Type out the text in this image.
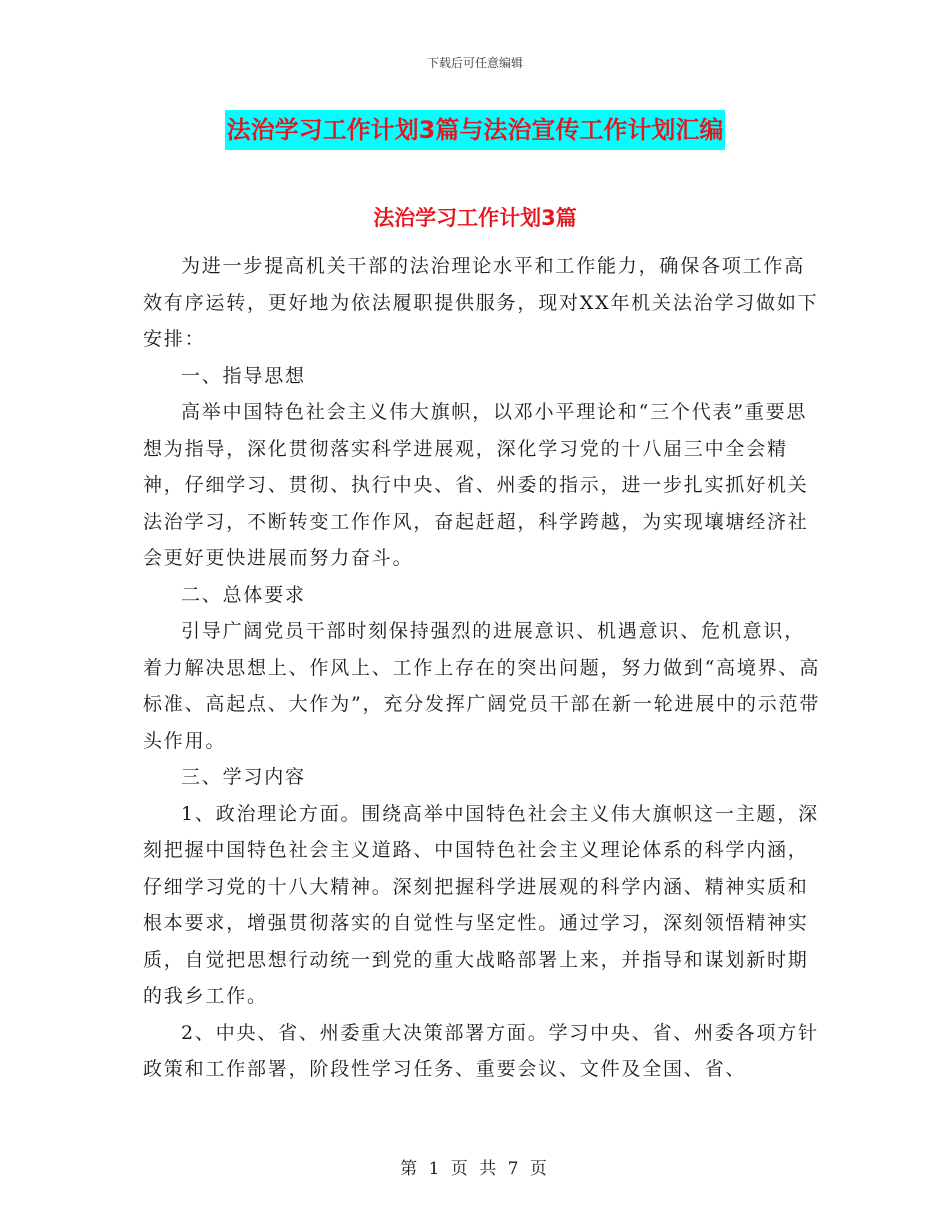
下载后可任意编辑
法治学习工作计划3篇与法治宣传工作计划汇编
法治学习工作计划3篇

为进一步提高机关干部的法治理论水平和工作能力，确保各项工作高效有序运转，更好地为依法履职提供服务，现对XX年机关法治学习做如下安排：

一、指导思想

高举中国特色社会主义伟大旗帜，以邓小平理论和“三个代表”重要思想为指导，深化贯彻落实科学进展观，深化学习党的十八届三中全会精神，仔细学习、贯彻、执行中央、省、州委的指示，进一步扎实抓好机关法治学习，不断转变工作作风，奋起赶超，科学跨越，为实现壤塘经济社会更好更快进展而努力奋斗。

二、总体要求

引导广阔党员干部时刻保持强烈的进展意识、机遇意识、危机意识，着力解决思想上、作风上、工作上存在的突出问题，努力做到“高境界、高标准、高起点、大作为”，充分发挥广阔党员干部在新一轮进展中的示范带头作用。

三、学习内容

1、政治理论方面。围绕高举中国特色社会主义伟大旗帜这一主题，深刻把握中国特色社会主义道路、中国特色社会主义理论体系的科学内涵，仔细学习党的十八大精神。深刻把握科学进展观的科学内涵、精神实质和根本要求，增强贯彻落实的自觉性与坚定性。通过学习，深刻领悟精神实质，自觉把思想行动统一到党的重大战略部署上来，并指导和谋划新时期的我乡工作。

2、中央、省、州委重大决策部署方面。学习中央、省、州委各项方针政策和工作部署，阶段性学习任务、重要会议、文件及全国、省、

第 1 页 共 7 页
